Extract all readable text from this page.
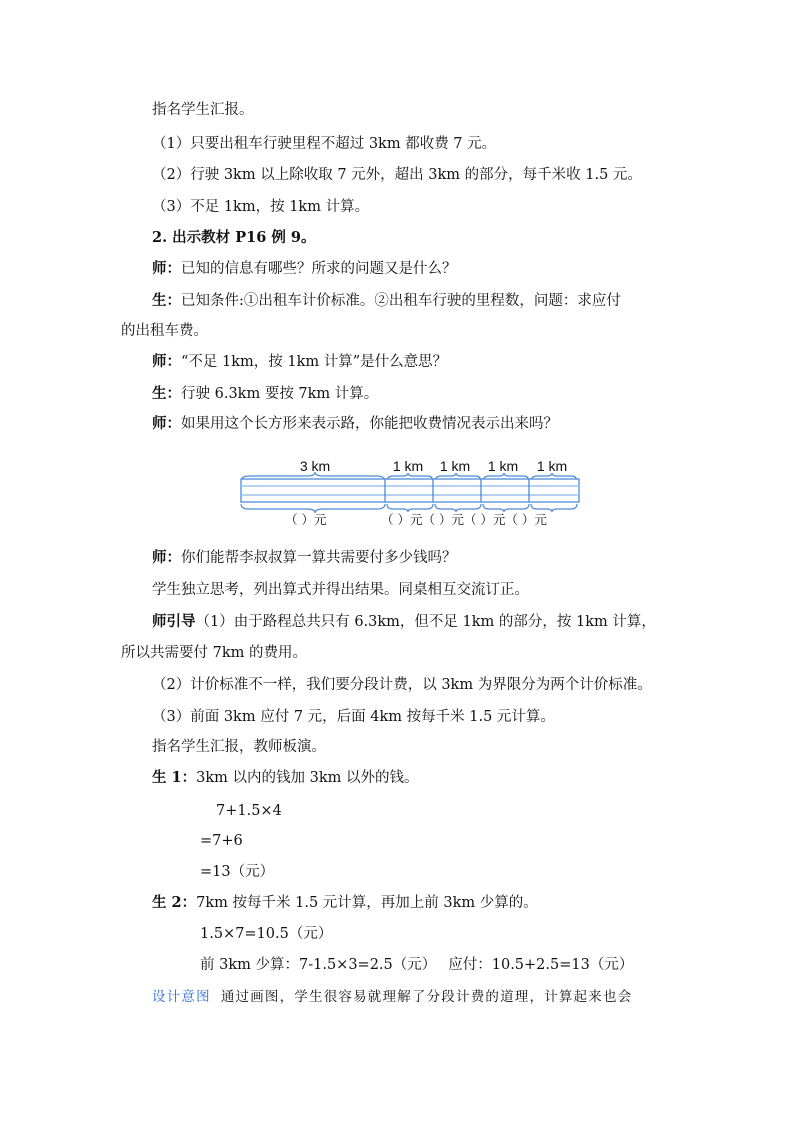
指名学生汇报。
（1）只要出租车行驶里程不超过 3km 都收费 7 元。
（2）行驶 3km 以上除收取 7 元外，超出 3km 的部分，每千米收 1.5 元。
（3）不足 1km，按 1km 计算。
2. 出示教材 P16 例 9。
师：已知的信息有哪些？所求的问题又是什么？
生：已知条件:①出租车计价标准。②出租车行驶的里程数，问题：求应付
的出租车费。
师：“不足 1km，按 1km 计算”是什么意思？
生：行驶 6.3km 要按 7km 计算。
师：如果用这个长方形来表示路，你能把收费情况表示出来吗？
3 km	1 km 1 km 1 km 1 km
（ ）元	（ ）元（ ）元（ ）元（ ）元
师：你们能帮李叔叔算一算共需要付多少钱吗？
学生独立思考，列出算式并得出结果。同桌相互交流订正。
师引导（1）由于路程总共只有 6.3km，但不足 1km 的部分，按 1km 计算，
所以共需要付 7km 的费用。
（2）计价标准不一样，我们要分段计费，以 3km 为界限分为两个计价标准。
（3）前面 3km 应付 7 元，后面 4km 按每千米 1.5 元计算。
指名学生汇报，教师板演。
生 1：3km 以内的钱加 3km 以外的钱。
7+1.5×4
=7+6
=13（元）
生 2：7km 按每千米 1.5 元计算，再加上前 3km 少算的。
1.5×7=10.5（元）
前 3km 少算：7-1.5×3=2.5（元） 应付：10.5+2.5=13（元）
设计意图 通过画图，学生很容易就理解了分段计费的道理，计算起来也会
